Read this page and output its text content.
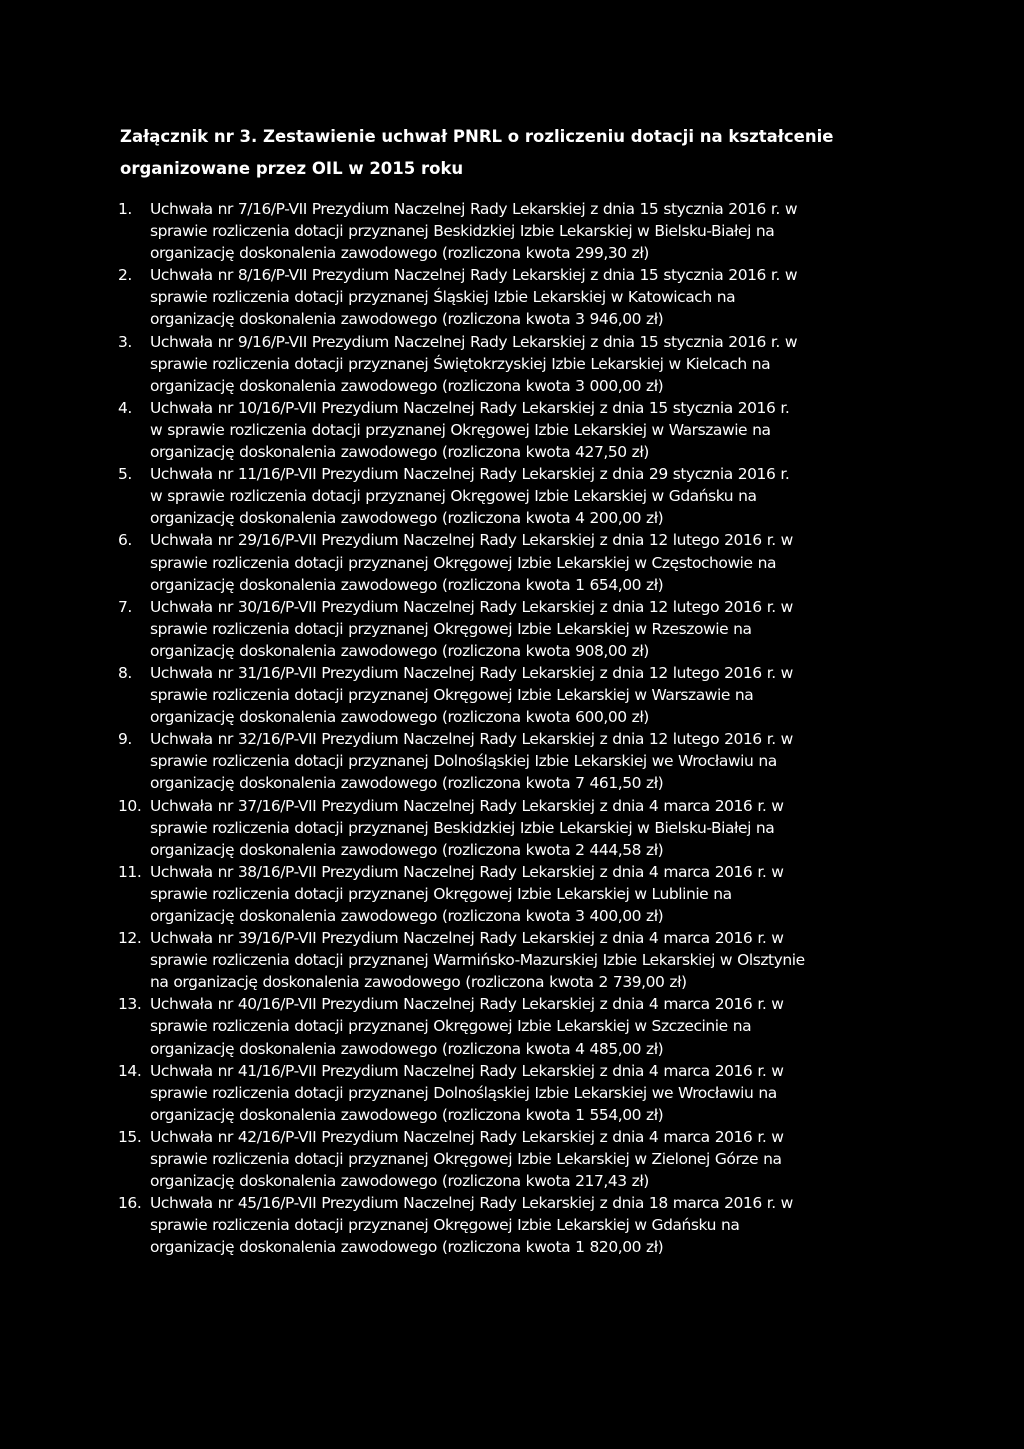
Załącznik nr 3. Zestawienie uchwał PNRL o rozliczeniu dotacji na kształcenie
organizowane przez OIL w 2015 roku
1.	Uchwała nr 7/16/P-VII Prezydium Naczelnej Rady Lekarskiej z dnia 15 stycznia 2016 r. w
sprawie rozliczenia dotacji przyznanej Beskidzkiej Izbie Lekarskiej w Bielsku-Białej na
organizację doskonalenia zawodowego (rozliczona kwota 299,30 zł)
2.	Uchwała nr 8/16/P-VII Prezydium Naczelnej Rady Lekarskiej z dnia 15 stycznia 2016 r. w
sprawie rozliczenia dotacji przyznanej Śląskiej Izbie Lekarskiej w Katowicach na
organizację doskonalenia zawodowego (rozliczona kwota 3 946,00 zł)
3.	Uchwała nr 9/16/P-VII Prezydium Naczelnej Rady Lekarskiej z dnia 15 stycznia 2016 r. w
sprawie rozliczenia dotacji przyznanej Świętokrzyskiej Izbie Lekarskiej w Kielcach na
organizację doskonalenia zawodowego (rozliczona kwota 3 000,00 zł)
4.	Uchwała nr 10/16/P-VII Prezydium Naczelnej Rady Lekarskiej z dnia 15 stycznia 2016 r.
w sprawie rozliczenia dotacji przyznanej Okręgowej Izbie Lekarskiej w Warszawie na
organizację doskonalenia zawodowego (rozliczona kwota 427,50 zł)
5.	Uchwała nr 11/16/P-VII Prezydium Naczelnej Rady Lekarskiej z dnia 29 stycznia 2016 r.
w sprawie rozliczenia dotacji przyznanej Okręgowej Izbie Lekarskiej w Gdańsku na
organizację doskonalenia zawodowego (rozliczona kwota 4 200,00 zł)
6.	Uchwała nr 29/16/P-VII Prezydium Naczelnej Rady Lekarskiej z dnia 12 lutego 2016 r. w
sprawie rozliczenia dotacji przyznanej Okręgowej Izbie Lekarskiej w Częstochowie na
organizację doskonalenia zawodowego (rozliczona kwota 1 654,00 zł)
7.	Uchwała nr 30/16/P-VII Prezydium Naczelnej Rady Lekarskiej z dnia 12 lutego 2016 r. w
sprawie rozliczenia dotacji przyznanej Okręgowej Izbie Lekarskiej w Rzeszowie na
organizację doskonalenia zawodowego (rozliczona kwota 908,00 zł)
8.	Uchwała nr 31/16/P-VII Prezydium Naczelnej Rady Lekarskiej z dnia 12 lutego 2016 r. w
sprawie rozliczenia dotacji przyznanej Okręgowej Izbie Lekarskiej w Warszawie na
organizację doskonalenia zawodowego (rozliczona kwota 600,00 zł)
9.	Uchwała nr 32/16/P-VII Prezydium Naczelnej Rady Lekarskiej z dnia 12 lutego 2016 r. w
sprawie rozliczenia dotacji przyznanej Dolnośląskiej Izbie Lekarskiej we Wrocławiu na
organizację doskonalenia zawodowego (rozliczona kwota 7 461,50 zł)
10. Uchwała nr 37/16/P-VII Prezydium Naczelnej Rady Lekarskiej z dnia 4 marca 2016 r. w
sprawie rozliczenia dotacji przyznanej Beskidzkiej Izbie Lekarskiej w Bielsku-Białej na
organizację doskonalenia zawodowego (rozliczona kwota 2 444,58 zł)
11. Uchwała nr 38/16/P-VII Prezydium Naczelnej Rady Lekarskiej z dnia 4 marca 2016 r. w
sprawie rozliczenia dotacji przyznanej Okręgowej Izbie Lekarskiej w Lublinie na
organizację doskonalenia zawodowego (rozliczona kwota 3 400,00 zł)
12. Uchwała nr 39/16/P-VII Prezydium Naczelnej Rady Lekarskiej z dnia 4 marca 2016 r. w
sprawie rozliczenia dotacji przyznanej Warmińsko-Mazurskiej Izbie Lekarskiej w Olsztynie
na organizację doskonalenia zawodowego (rozliczona kwota 2 739,00 zł)
13. Uchwała nr 40/16/P-VII Prezydium Naczelnej Rady Lekarskiej z dnia 4 marca 2016 r. w
sprawie rozliczenia dotacji przyznanej Okręgowej Izbie Lekarskiej w Szczecinie na
organizację doskonalenia zawodowego (rozliczona kwota 4 485,00 zł)
14. Uchwała nr 41/16/P-VII Prezydium Naczelnej Rady Lekarskiej z dnia 4 marca 2016 r. w
sprawie rozliczenia dotacji przyznanej Dolnośląskiej Izbie Lekarskiej we Wrocławiu na
organizację doskonalenia zawodowego (rozliczona kwota 1 554,00 zł)
15. Uchwała nr 42/16/P-VII Prezydium Naczelnej Rady Lekarskiej z dnia 4 marca 2016 r. w
sprawie rozliczenia dotacji przyznanej Okręgowej Izbie Lekarskiej w Zielonej Górze na
organizację doskonalenia zawodowego (rozliczona kwota 217,43 zł)
16. Uchwała nr 45/16/P-VII Prezydium Naczelnej Rady Lekarskiej z dnia 18 marca 2016 r. w
sprawie rozliczenia dotacji przyznanej Okręgowej Izbie Lekarskiej w Gdańsku na
organizację doskonalenia zawodowego (rozliczona kwota 1 820,00 zł)
